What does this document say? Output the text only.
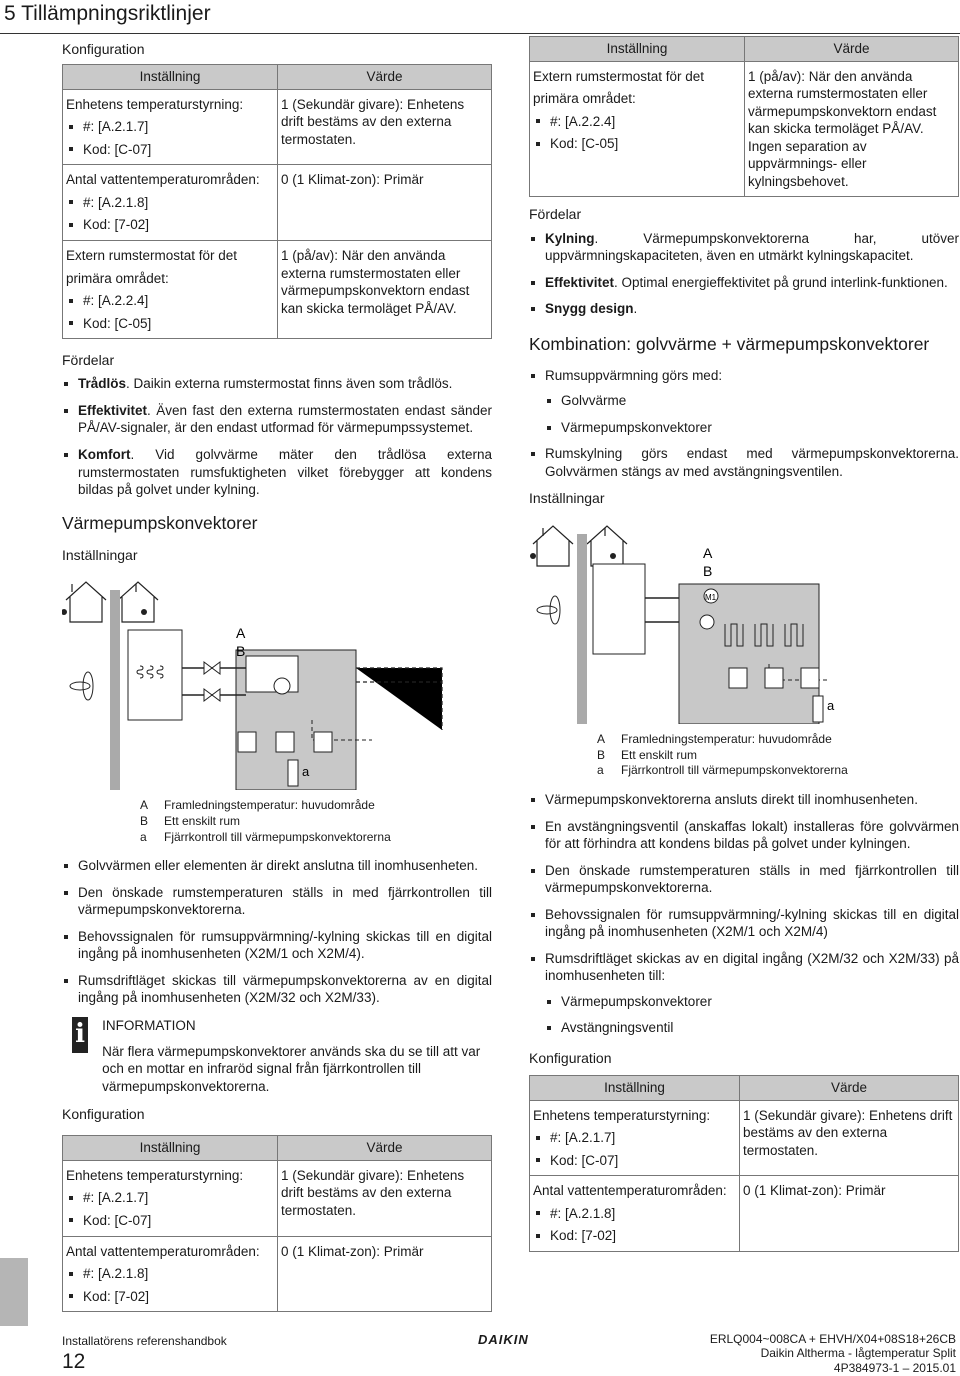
5 Tillämpningsriktlinjer
Konfiguration
Inställning	Värde

Enhetens temperaturstyrning:
#: [A.2.1.7]
Kod: [C-07]	1 (Sekundär givare): Enhetens drift bestäms av den externa termostaten.

Antal vattentemperaturområden:
#: [A.2.1.8]
Kod: [7-02]	0 (1 Klimat-zon): Primär

Extern rumstermostat för det
primära området:
#: [A.2.2.4]
Kod: [C-05]	1 (på/av): När den använda externa rumstermostaten eller värmepumpskonvektorn endast kan skicka termoläget PÅ/AV.
Fördelar
Trådlös. Daikin externa rumstermostat finns även som trådlös.
Effektivitet. Även fast den externa rumstermostaten endast sänder PÅ/AV-signaler, är den endast utformad för värmepumpssystemet.
Komfort. Vid golvvärme mäter den trådlösa externa rumstermostaten rumsfuktigheten vilket förebygger att kondens bildas på golvet under kylning.
Värmepumpskonvektorer
Inställningar
A
B
a
A	Framledningstemperatur: huvudområde
B	Ett enskilt rum
a	Fjärrkontroll till värmepumpskonvektorerna
Golvvärmen eller elementen är direkt anslutna till inomhusenheten.
Den önskade rumstemperaturen ställs in med fjärrkontrollen till värmepumpskonvektorerna.
Behovssignalen för rumsuppvärmning/-kylning skickas till en digital ingång på inomhusenheten (X2M/1 och X2M/4).
Rumsdriftläget skickas till värmepumpskonvektorerna av en digital ingång på inomhusenheten (X2M/32 och X2M/33).
i INFORMATION
När flera värmepumpskonvektorer används ska du se till att var och en mottar en infraröd signal från fjärrkontrollen till värmepumpskonvektorerna.
Konfiguration
Inställning	Värde

Enhetens temperaturstyrning:
#: [A.2.1.7]
Kod: [C-07]	1 (Sekundär givare): Enhetens drift bestäms av den externa termostaten.

Antal vattentemperaturområden:
#: [A.2.1.8]
Kod: [7-02]	0 (1 Klimat-zon): Primär
Inställning	Värde

Extern rumstermostat för det
primära området:
#: [A.2.2.4]
Kod: [C-05]	1 (på/av): När den använda externa rumstermostaten eller värmepumpskonvektorn endast kan skicka termoläget PÅ/AV. Ingen separation av uppvärmnings- eller kylningsbehovet.
Fördelar
Kylning. Värmepumpskonvektorerna har, utöver uppvärmningskapaciteten, även en utmärkt kylningskapacitet.
Effektivitet. Optimal energieffektivitet på grund interlink-funktionen.
Snygg design.
Kombination: golvvärme + värmepumpskonvektorer
Rumsuppvärmning görs med:
Golvvärme
Värmepumpskonvektorer
Rumskylning görs endast med värmepumpskonvektorerna. Golvvärmen stängs av med avstängningsventilen.
Inställningar
A
B
M1
a
A	Framledningstemperatur: huvudområde
B	Ett enskilt rum
a	Fjärrkontroll till värmepumpskonvektorerna
Värmepumpskonvektorerna ansluts direkt till inomhusenheten.
En avstängningsventil (anskaffas lokalt) installeras före golvvärmen för att förhindra att kondens bildas på golvet under kylningen.
Den önskade rumstemperaturen ställs in med fjärrkontrollen till värmepumpskonvektorerna.
Behovssignalen för rumsuppvärmning/-kylning skickas till en digital ingång på inomhusenheten (X2M/1 och X2M/4)
Rumsdriftläget skickas av en digital ingång (X2M/32 och X2M/33) på inomhusenheten till:
Värmepumpskonvektorer
Avstängningsventil
Konfiguration
Inställning	Värde

Enhetens temperaturstyrning:
#: [A.2.1.7]
Kod: [C-07]	1 (Sekundär givare): Enhetens drift bestäms av den externa termostaten.

Antal vattentemperaturområden:
#: [A.2.1.8]
Kod: [7-02]	0 (1 Klimat-zon): Primär
Installatörens referenshandbok
12
DAIKIN	ERLQ004~008CA + EHVH/X04+08S18+26CB
Daikin Altherma - lågtemperatur Split
4P384973-1 – 2015.01
